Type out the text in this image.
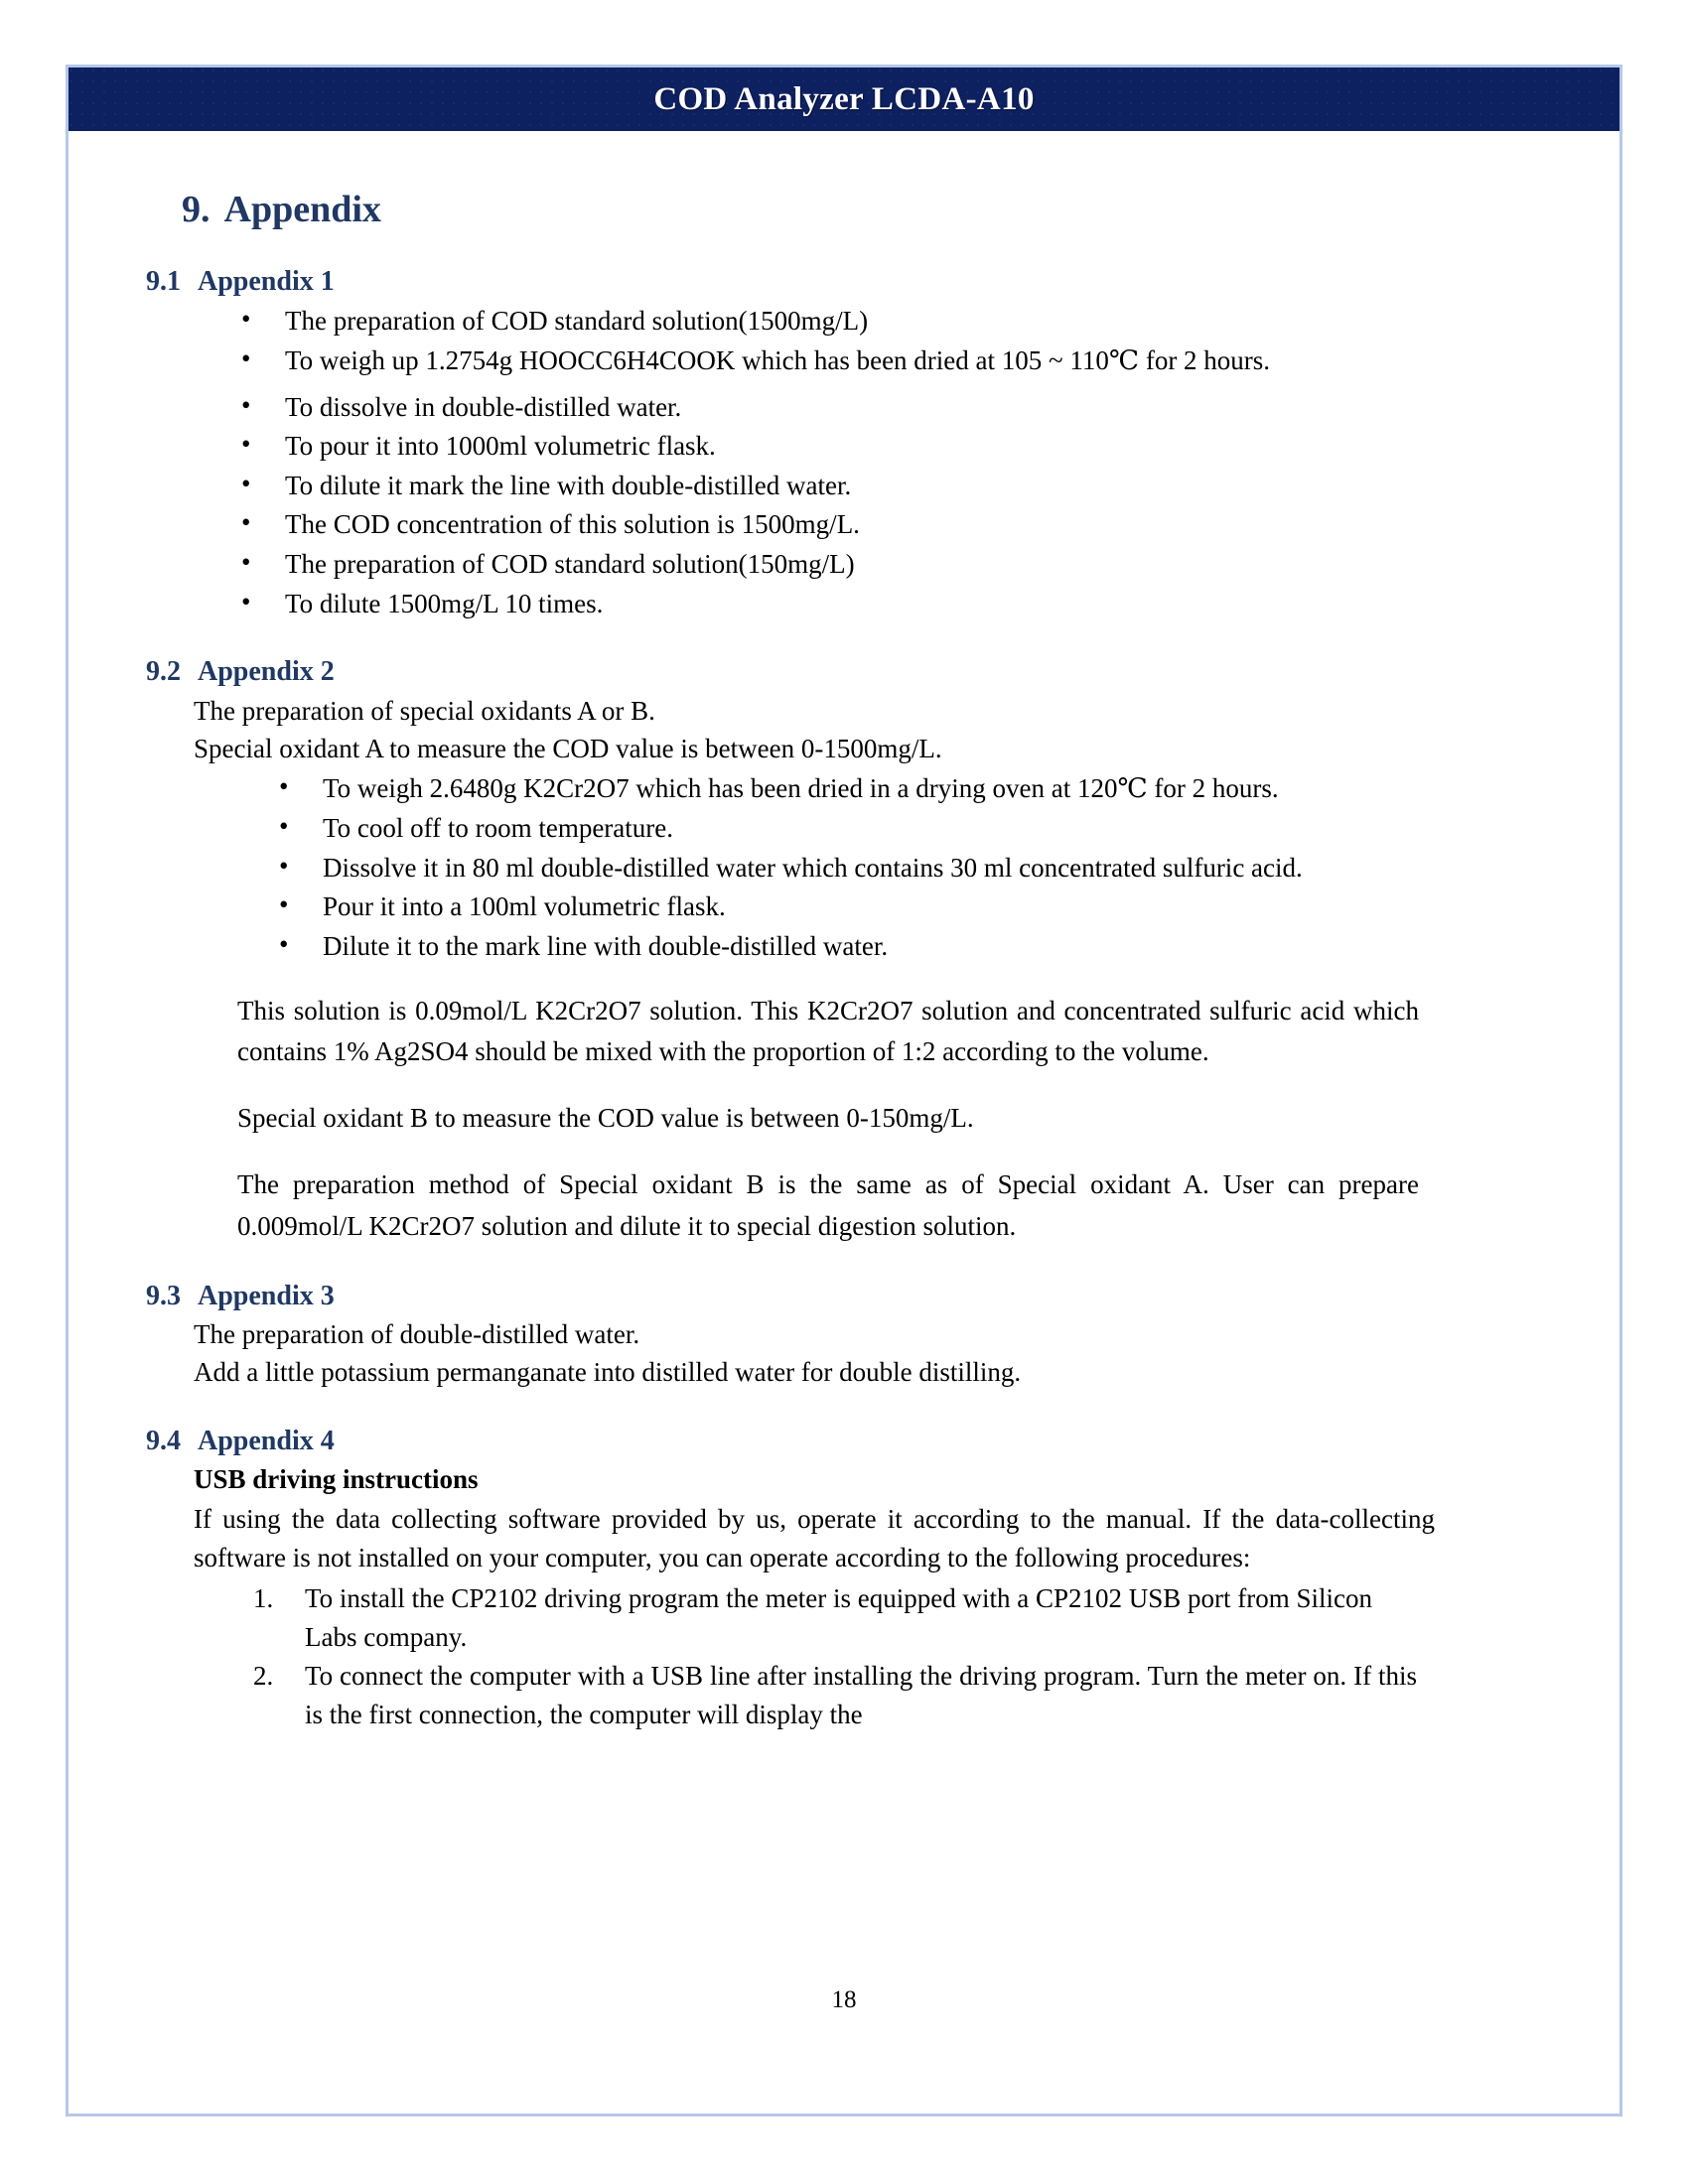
COD Analyzer LCDA-A10
9. Appendix
9.1 Appendix 1
• The preparation of COD standard solution(1500mg/L)
• To weigh up 1.2754g HOOCC6H4COOK which has been dried at 105 ~ 110℃ for 2 hours.
• To dissolve in double-distilled water.
• To pour it into 1000ml volumetric flask.
• To dilute it mark the line with double-distilled water.
• The COD concentration of this solution is 1500mg/L.
• The preparation of COD standard solution(150mg/L)
• To dilute 1500mg/L 10 times.
9.2 Appendix 2
The preparation of special oxidants A or B.
Special oxidant A to measure the COD value is between 0-1500mg/L.
• To weigh 2.6480g K2Cr2O7 which has been dried in a drying oven at 120℃ for 2 hours.
• To cool off to room temperature.
• Dissolve it in 80 ml double-distilled water which contains 30 ml concentrated sulfuric acid.
• Pour it into a 100ml volumetric flask.
• Dilute it to the mark line with double-distilled water.
This solution is 0.09mol/L K2Cr2O7 solution. This K2Cr2O7 solution and concentrated sulfuric acid which contains 1% Ag2SO4 should be mixed with the proportion of 1:2 according to the volume.
Special oxidant B to measure the COD value is between 0-150mg/L.
The preparation method of Special oxidant B is the same as of Special oxidant A. User can prepare 0.009mol/L K2Cr2O7 solution and dilute it to special digestion solution.
9.3 Appendix 3
The preparation of double-distilled water.
Add a little potassium permanganate into distilled water for double distilling.
9.4 Appendix 4
USB driving instructions
If using the data collecting software provided by us, operate it according to the manual. If the data-collecting software is not installed on your computer, you can operate according to the following procedures:
To install the CP2102 driving program the meter is equipped with a CP2102 USB port from Silicon Labs company.
To connect the computer with a USB line after installing the driving program. Turn the meter on. If this is the first connection, the computer will display the
18
